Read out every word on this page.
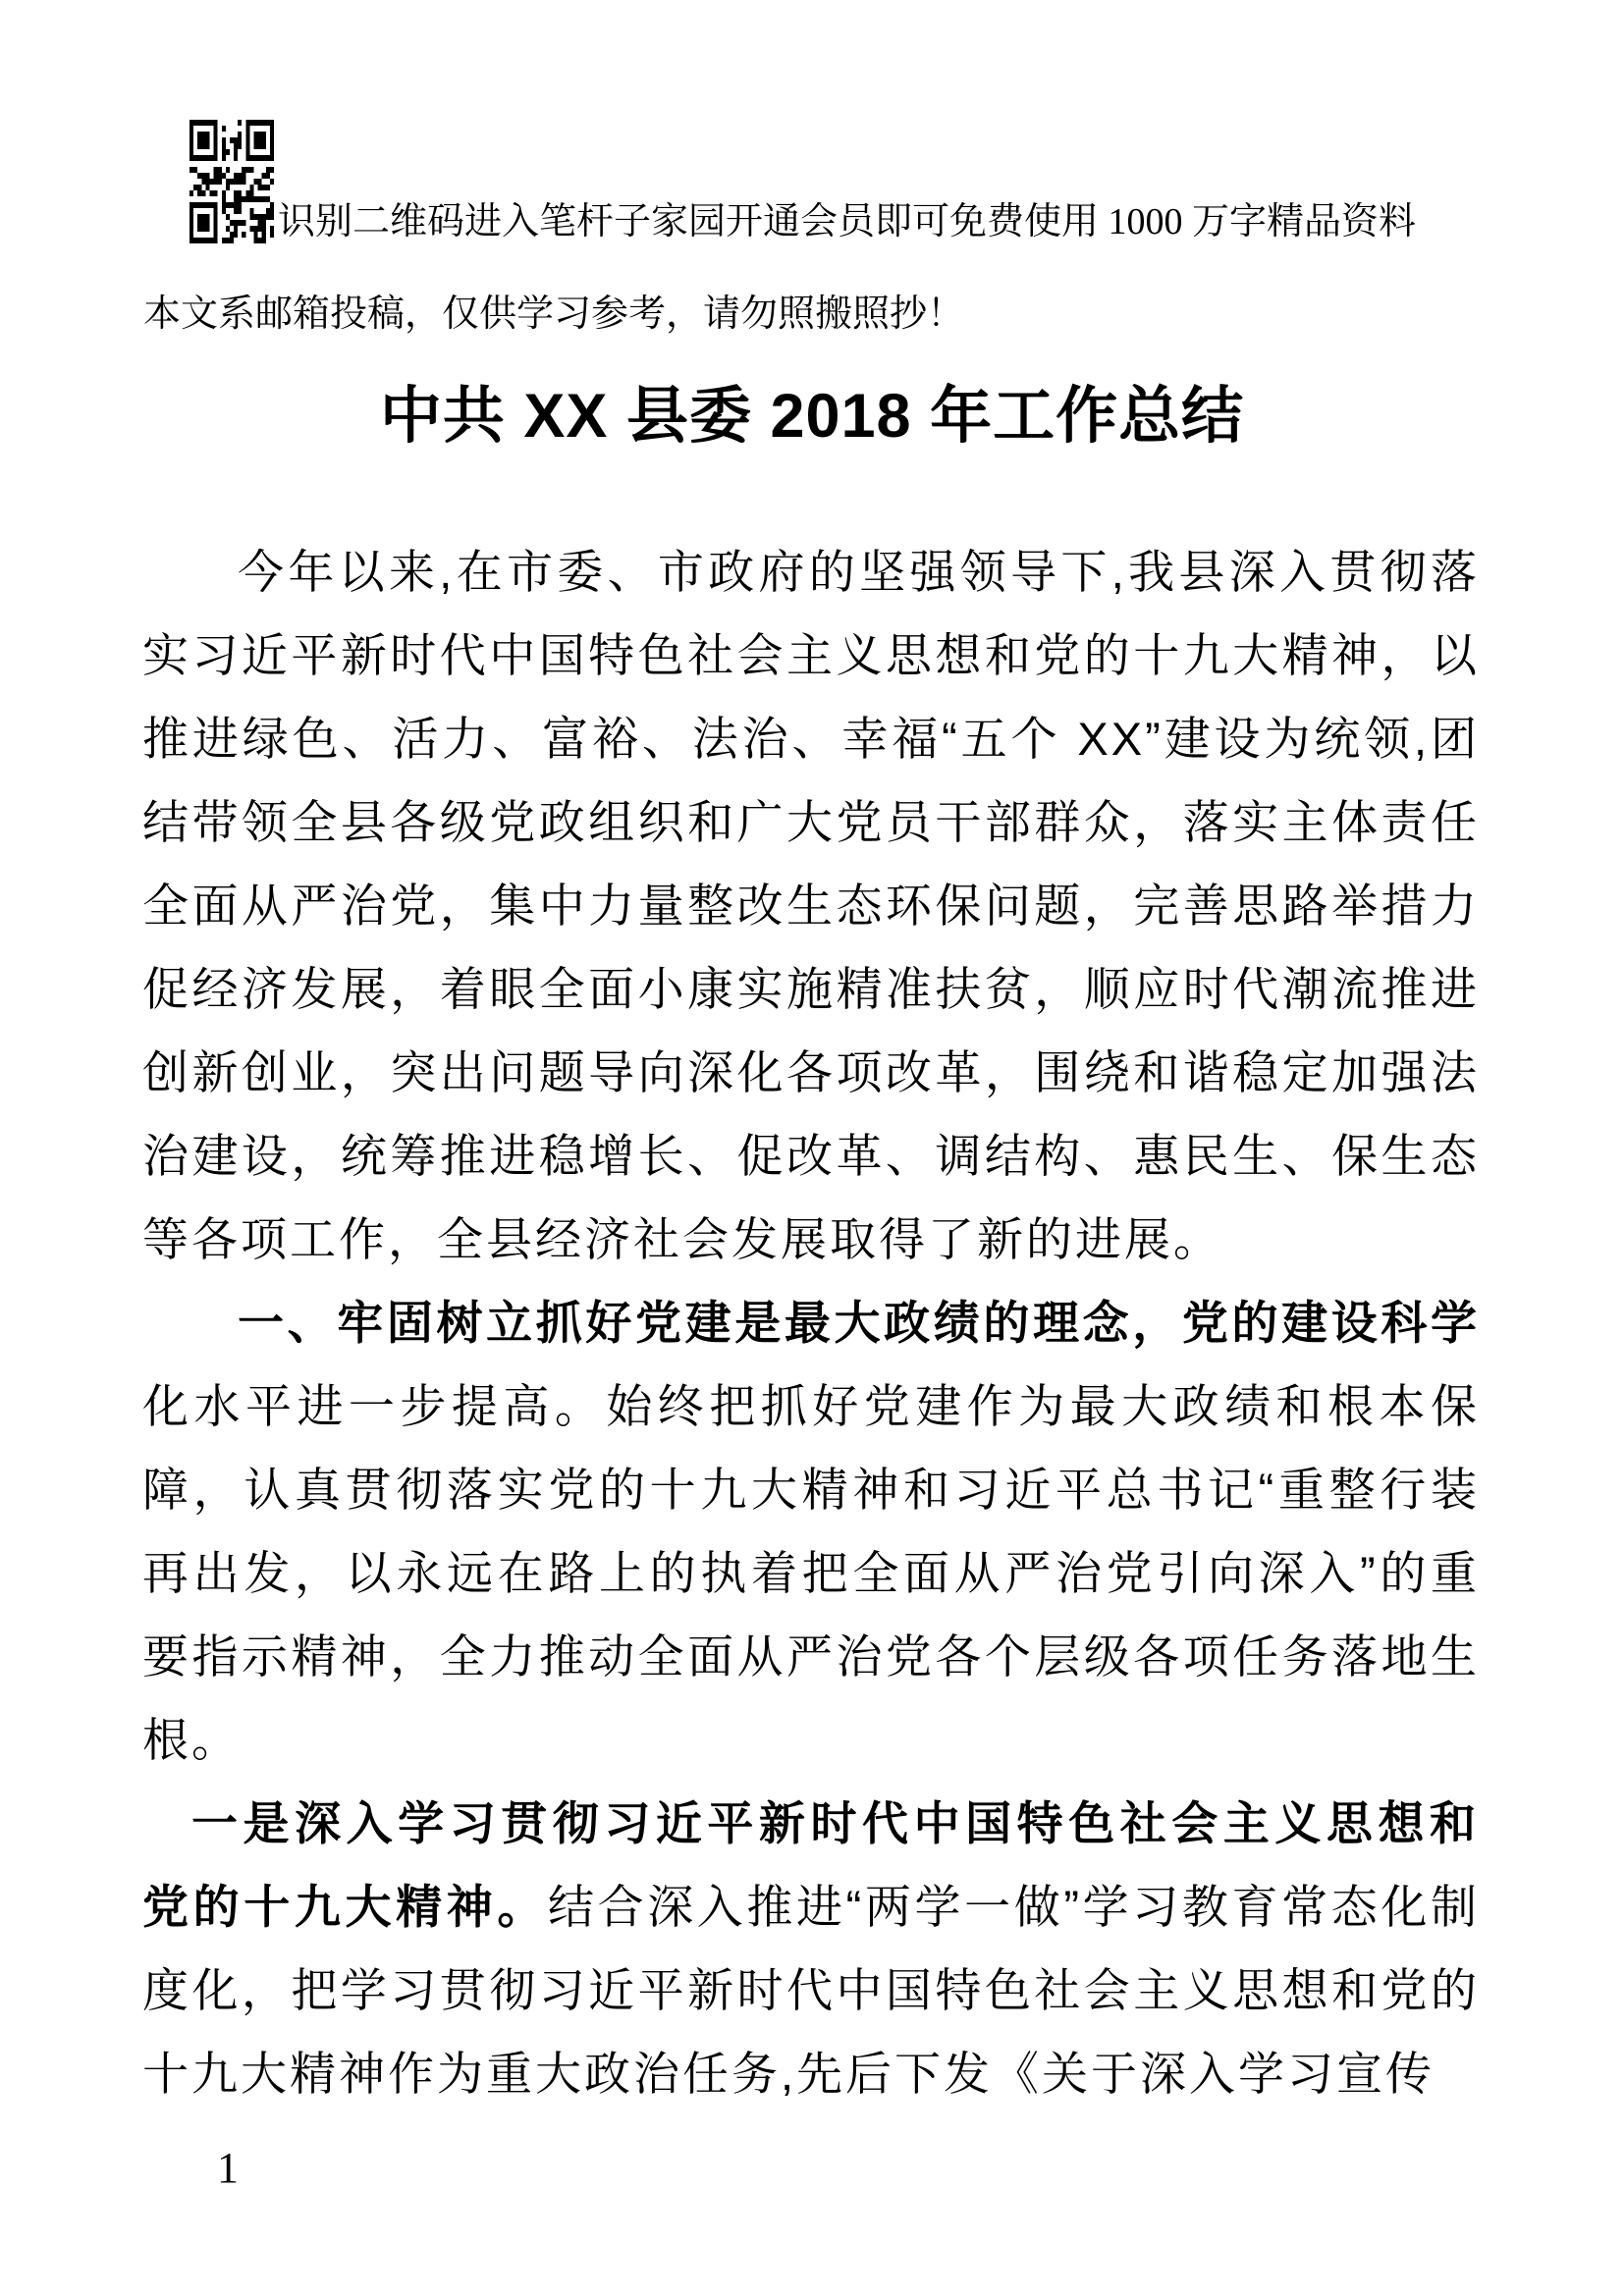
识别二维码进入笔杆子家园开通会员即可免费使用 1000 万字精品资料
本文系邮箱投稿，仅供学习参考，请勿照搬照抄！
中共 XX 县委 2018 年工作总结

今年以来,在市委、市政府的坚强领导下,我县深入贯彻落实习近平新时代中国特色社会主义思想和党的十九大精神，以推进绿色、活力、富裕、法治、幸福“五个 XX”建设为统领,团结带领全县各级党政组织和广大党员干部群众，落实主体责任全面从严治党，集中力量整改生态环保问题，完善思路举措力促经济发展，着眼全面小康实施精准扶贫，顺应时代潮流推进创新创业，突出问题导向深化各项改革，围绕和谐稳定加强法治建设，统筹推进稳增长、促改革、调结构、惠民生、保生态等各项工作，全县经济社会发展取得了新的进展。

一、牢固树立抓好党建是最大政绩的理念，党的建设科学化水平进一步提高。始终把抓好党建作为最大政绩和根本保障，认真贯彻落实党的十九大精神和习近平总书记“重整行装再出发，以永远在路上的执着把全面从严治党引向深入”的重要指示精神，全力推动全面从严治党各个层级各项任务落地生根。

一是深入学习贯彻习近平新时代中国特色社会主义思想和党的十九大精神。结合深入推进“两学一做”学习教育常态化制度化，把学习贯彻习近平新时代中国特色社会主义思想和党的十九大精神作为重大政治任务,先后下发《关于深入学习宣传

1
